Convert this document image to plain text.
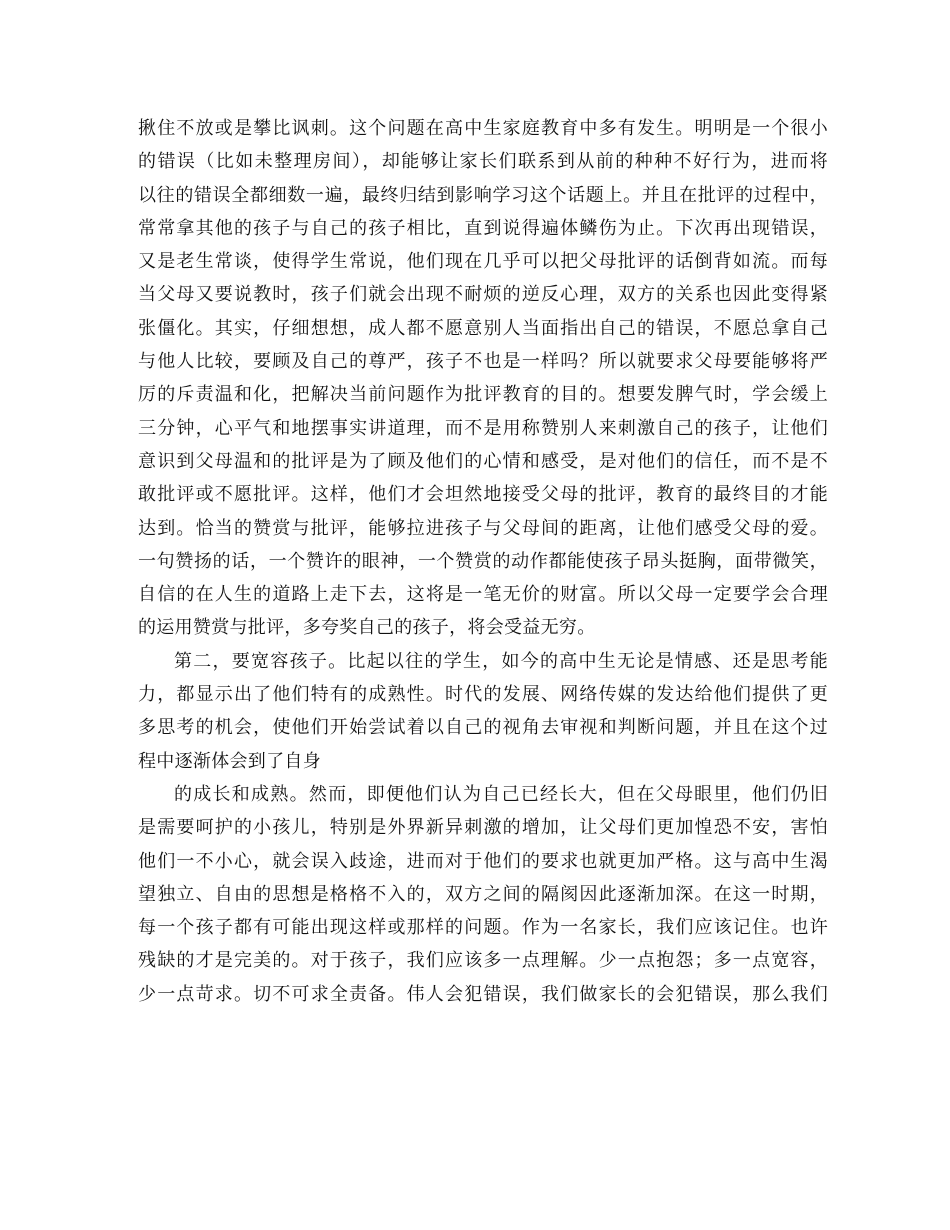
揪住不放或是攀比讽刺。这个问题在高中生家庭教育中多有发生。明明是一个很小
的错误（比如未整理房间），却能够让家长们联系到从前的种种不好行为，进而将
以往的错误全都细数一遍，最终归结到影响学习这个话题上。并且在批评的过程中，
常常拿其他的孩子与自己的孩子相比，直到说得遍体鳞伤为止。下次再出现错误，
又是老生常谈，使得学生常说，他们现在几乎可以把父母批评的话倒背如流。而每
当父母又要说教时，孩子们就会出现不耐烦的逆反心理，双方的关系也因此变得紧
张僵化。其实，仔细想想，成人都不愿意别人当面指出自己的错误，不愿总拿自己
与他人比较，要顾及自己的尊严，孩子不也是一样吗？所以就要求父母要能够将严
厉的斥责温和化，把解决当前问题作为批评教育的目的。想要发脾气时，学会缓上
三分钟，心平气和地摆事实讲道理，而不是用称赞别人来刺激自己的孩子，让他们
意识到父母温和的批评是为了顾及他们的心情和感受，是对他们的信任，而不是不
敢批评或不愿批评。这样，他们才会坦然地接受父母的批评，教育的最终目的才能
达到。恰当的赞赏与批评，能够拉进孩子与父母间的距离，让他们感受父母的爱。
一句赞扬的话，一个赞许的眼神，一个赞赏的动作都能使孩子昂头挺胸，面带微笑，
自信的在人生的道路上走下去，这将是一笔无价的财富。所以父母一定要学会合理
的运用赞赏与批评，多夸奖自己的孩子，将会受益无穷。
第二，要宽容孩子。比起以往的学生，如今的高中生无论是情感、还是思考能
力，都显示出了他们特有的成熟性。时代的发展、网络传媒的发达给他们提供了更
多思考的机会，使他们开始尝试着以自己的视角去审视和判断问题，并且在这个过
程中逐渐体会到了自身
的成长和成熟。然而，即便他们认为自己已经长大，但在父母眼里，他们仍旧
是需要呵护的小孩儿，特别是外界新异刺激的增加，让父母们更加惶恐不安，害怕
他们一不小心，就会误入歧途，进而对于他们的要求也就更加严格。这与高中生渴
望独立、自由的思想是格格不入的，双方之间的隔阂因此逐渐加深。在这一时期，
每一个孩子都有可能出现这样或那样的问题。作为一名家长，我们应该记住。也许
残缺的才是完美的。对于孩子，我们应该多一点理解。少一点抱怨；多一点宽容，
少一点苛求。切不可求全责备。伟人会犯错误，我们做家长的会犯错误，那么我们
